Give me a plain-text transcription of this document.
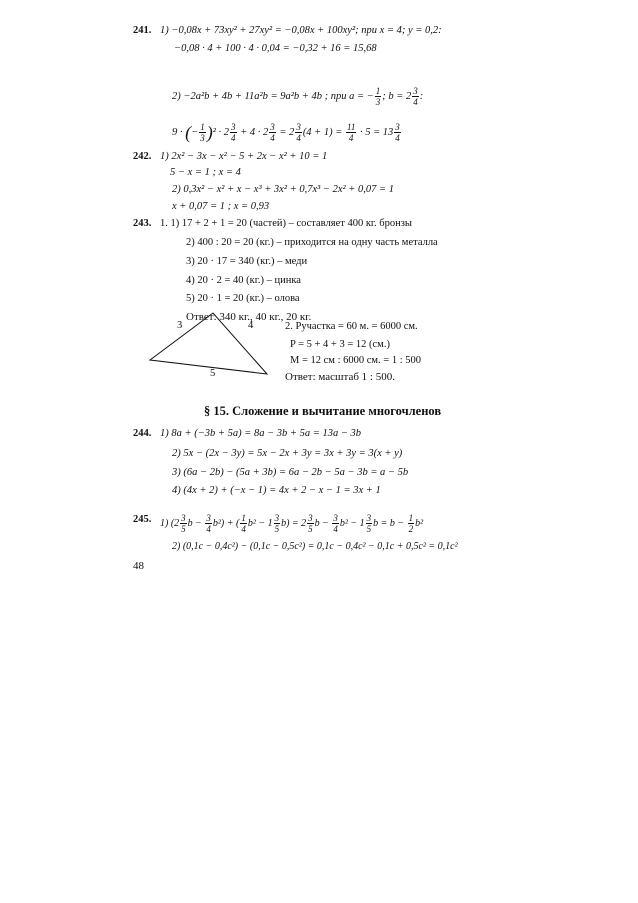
241. 1) −0,08x + 73xy² + 27xy² = −0,08x + 100xy²; при x = 4; y = 0,2:
−0,08 · 4 + 100 · 4 · 0,04 = −0,32 + 16 = 15,68
2) −2a²b + 4b + 11a²b = 9a²b + 4b ; при a = − $\frac{1}{3}$ ; $b = 2 \frac{3}{4}$ :
9 · (− $\frac{1}{3} )^2 \cdot 2 \frac{3}{4} + 4 \cdot 2 \frac{3}{4} = 2 \frac{3}{4} (4 + 1) = \frac{11}{4} \cdot 5 = 13 \frac{3}{4}$
242. 1) 2x² − 3x − x² − 5 + 2x − x² + 10 = 1
5 − x = 1 ; x = 4
2) 0,3x² − x² + x − x³ + 3x² + 0,7x³ − 2x² + 0,07 = 1
x + 0,07 = 1 ; x = 0,93
243. 1. 1) 17 + 2 + 1 = 20 (частей) – составляет 400 кг. бронзы
2) 400 : 20 = 20 (кг.) – приходится на одну часть металла
3) 20 · 17 = 340 (кг.) – меди
4) 20 · 2 = 40 (кг.) – цинка
5) 20 · 1 = 20 (кг.) – олова
Ответ: 340 кг., 40 кг., 20 кг.
3	4
5
2. Pучастка = 60 м. = 6000 см.
P = 5 + 4 + 3 = 12 (см.)
M = 12 см : 6000 см. = 1 : 500
Ответ: масштаб 1 : 500.
§ 15. Сложение и вычитание многочленов
244. 1) 8a + (−3b + 5a) = 8a − 3b + 5a = 13a − 3b
2) 5x − (2x − 3y) = 5x − 2x + 3y = 3x + 3y = 3(x + y)
3) (6a − 2b) − (5a + 3b) = 6a − 2b − 5a − 3b = a − 5b
4) (4x + 2) + (−x − 1) = 4x + 2 − x − 1 = 3x + 1
245. 1) ($2 \frac{3}{5}$ $b - \frac{3}{4} b^2$) + ( $\frac{1}{4} b^2 - 1 \frac{3}{5} b) = 2 \frac{3}{5}$ $b - \frac{3}{4} b^2 - 1 \frac{3}{5}$ $b = b - \frac{1}{2} b^2$
2) (0,1c − 0,4c²) − (0,1c − 0,5c²) = 0,1c − 0,4c² − 0,1c + 0,5c² = 0,1c²
48
